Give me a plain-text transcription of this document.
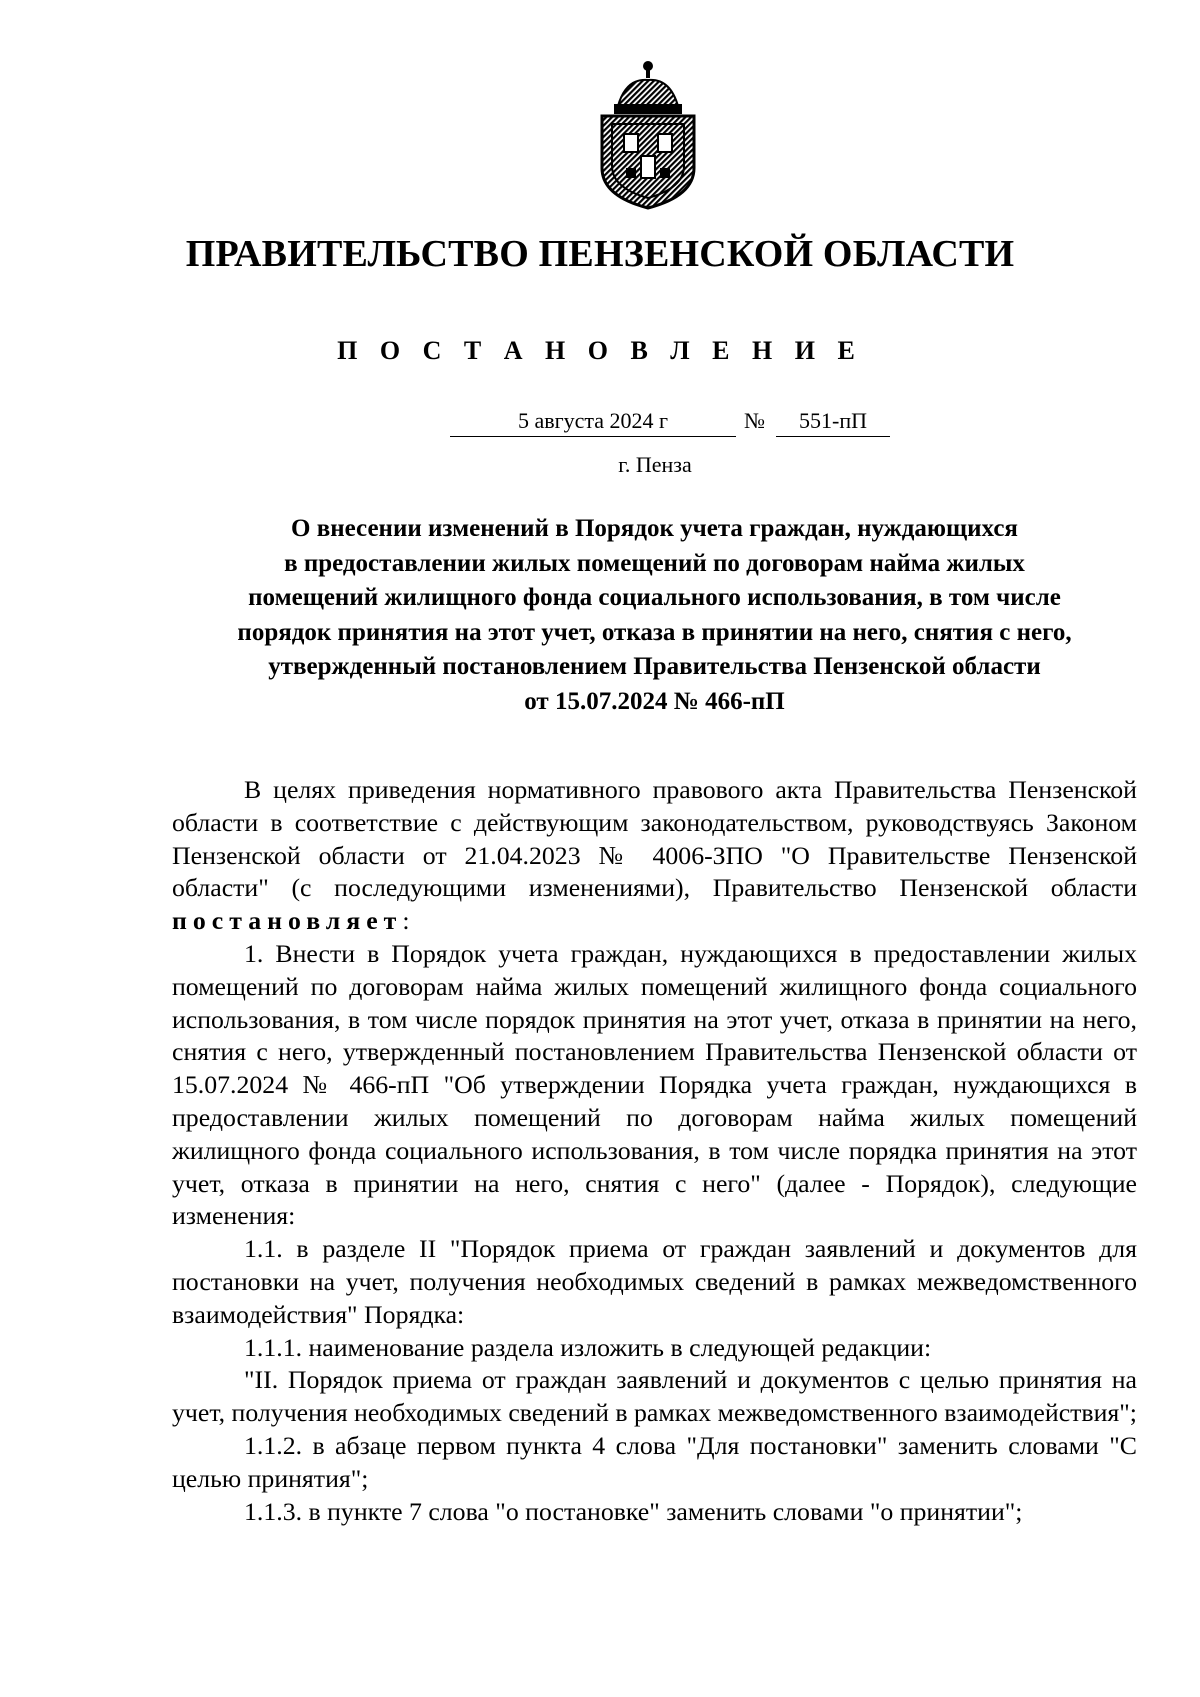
ПРАВИТЕЛЬСТВО ПЕНЗЕНСКОЙ ОБЛАСТИ
П О С Т А Н О В Л Е Н И Е
5 августа 2024 г	№	551-пП
г. Пенза
О внесении изменений в Порядок учета граждан, нуждающихся
в предоставлении жилых помещений по договорам найма жилых
помещений жилищного фонда социального использования, в том числе
порядок принятия на этот учет, отказа в принятии на него, снятия с него,
утвержденный постановлением Правительства Пензенской области
от 15.07.2024 № 466-пП

В целях приведения нормативного правового акта Правительства Пензенской области в соответствие с действующим законодательством, руководствуясь Законом Пензенской области от 21.04.2023 № 4006-ЗПО "О Правительстве Пензенской области" (с последующими изменениями), Правительство Пензенской области постановляет:

1. Внести в Порядок учета граждан, нуждающихся в предоставлении жилых помещений по договорам найма жилых помещений жилищного фонда социального использования, в том числе порядок принятия на этот учет, отказа в принятии на него, снятия с него, утвержденный постановлением Правительства Пензенской области от 15.07.2024 № 466-пП "Об утверждении Порядка учета граждан, нуждающихся в предоставлении жилых помещений по договорам найма жилых помещений жилищного фонда социального использования, в том числе порядка принятия на этот учет, отказа в принятии на него, снятия с него" (далее - Порядок), следующие изменения:

1.1. в разделе II "Порядок приема от граждан заявлений и документов для постановки на учет, получения необходимых сведений в рамках межведомственного взаимодействия" Порядка:

1.1.1. наименование раздела изложить в следующей редакции:

"II. Порядок приема от граждан заявлений и документов с целью принятия на учет, получения необходимых сведений в рамках межведомственного взаимодействия";

1.1.2. в абзаце первом пункта 4 слова "Для постановки" заменить словами "С целью принятия";

1.1.3. в пункте 7 слова "о постановке" заменить словами "о принятии";
